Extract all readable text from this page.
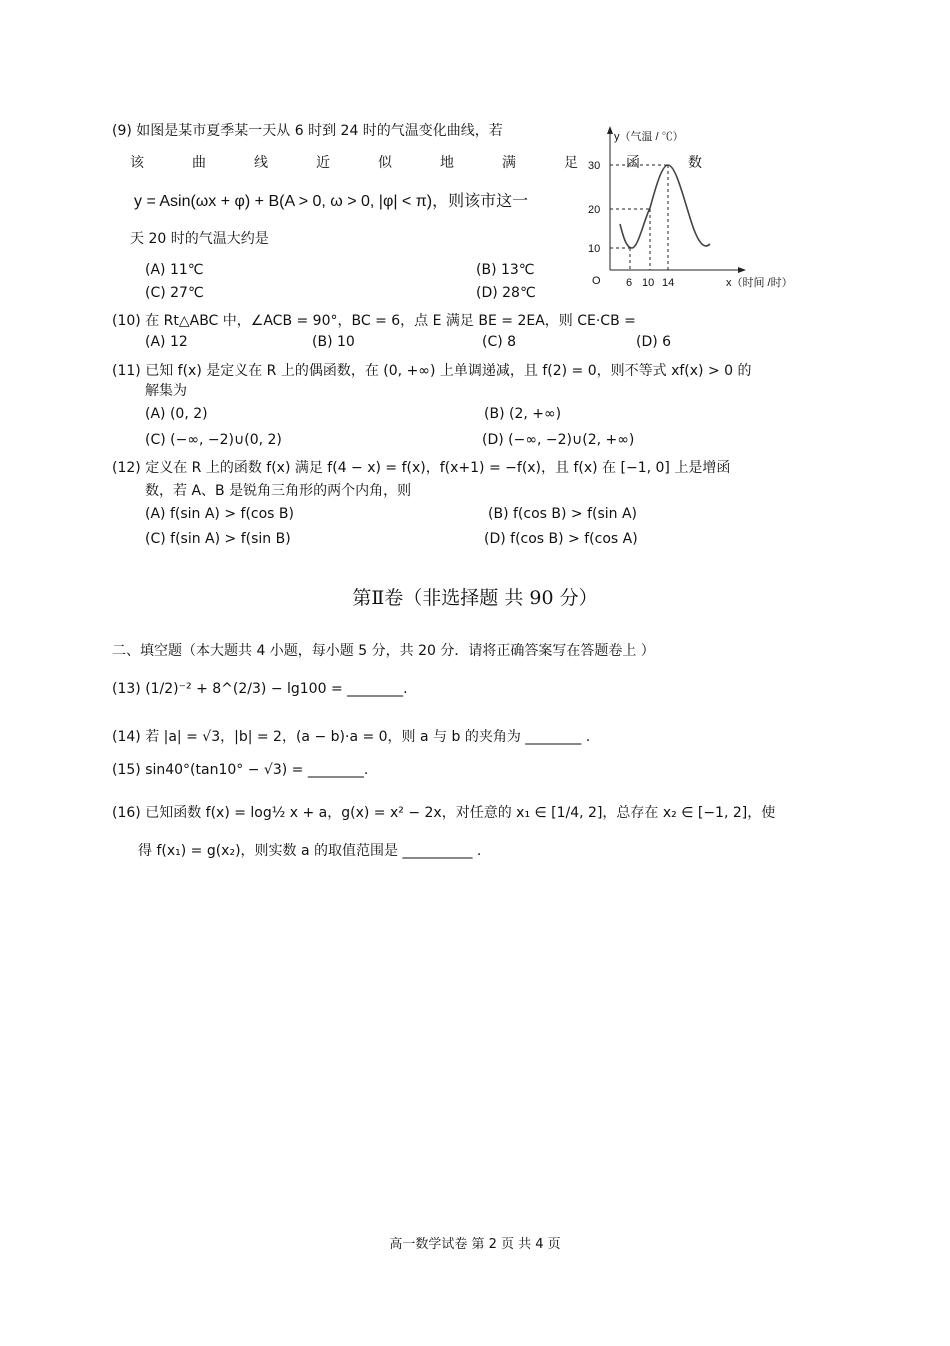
(9) 如图是某市夏季某一天从 6 时到 24 时的气温变化曲线，若
该	曲	线	近	似	地	满	足	函	数
y = Asin(ωx + φ) + B(A > 0, ω > 0, |φ| < π)，则该市这一
天 20 时的气温大约是
(A) 11℃	(B) 13℃
(C) 27℃	(D) 28℃
y（气温 / ℃）
30
20
10
O 6 10 14	x（时间 /时）
(10) 在 Rt△ABC 中，∠ACB = 90°，BC = 6，点 E 满足 BE = 2EA，则 CE·CB =
(A) 12	(B) 10	(C) 8	(D) 6
(11) 已知 f(x) 是定义在 R 上的偶函数，在 (0, +∞) 上单调递减，且 f(2) = 0，则不等式 xf(x) > 0 的
解集为
(A) (0, 2)	(B) (2, +∞)
(C) (−∞, −2)∪(0, 2)	(D) (−∞, −2)∪(2, +∞)
(12) 定义在 R 上的函数 f(x) 满足 f(4 − x) = f(x)，f(x+1) = −f(x)，且 f(x) 在 [−1, 0] 上是增函
数，若 A、B 是锐角三角形的两个内角，则
(A) f(sin A) > f(cos B)	(B) f(cos B) > f(sin A)
(C) f(sin A) > f(sin B)	(D) f(cos B) > f(cos A)
第Ⅱ卷（非选择题 共 90 分）
二、填空题（本大题共 4 小题，每小题 5 分，共 20 分．请将正确答案写在答题卷上 ）
(13) (1/2)⁻² + 8^(2/3) − lg100 = ________.
(14) 若 |a| = √3，|b| = 2，(a − b)·a = 0，则 a 与 b 的夹角为 ________ .
(15) sin40°(tan10° − √3) = ________.
(16) 已知函数 f(x) = log½ x + a，g(x) = x² − 2x，对任意的 x₁ ∈ [1/4, 2]，总存在 x₂ ∈ [−1, 2]，使
得 f(x₁) = g(x₂)，则实数 a 的取值范围是 __________ .
高一数学试卷 第 2 页 共 4 页
